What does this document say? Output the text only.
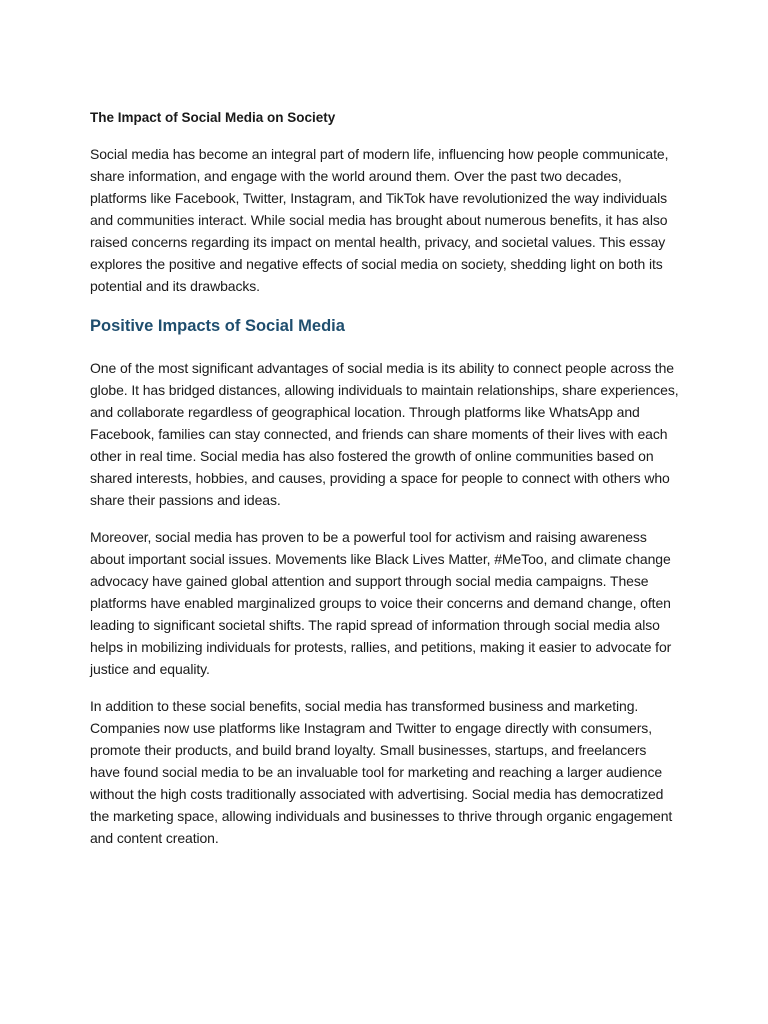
The Impact of Social Media on Society

Social media has become an integral part of modern life, influencing how people communicate, share information, and engage with the world around them. Over the past two decades, platforms like Facebook, Twitter, Instagram, and TikTok have revolutionized the way individuals and communities interact. While social media has brought about numerous benefits, it has also raised concerns regarding its impact on mental health, privacy, and societal values. This essay explores the positive and negative effects of social media on society, shedding light on both its potential and its drawbacks.

Positive Impacts of Social Media

One of the most significant advantages of social media is its ability to connect people across the globe. It has bridged distances, allowing individuals to maintain relationships, share experiences, and collaborate regardless of geographical location. Through platforms like WhatsApp and Facebook, families can stay connected, and friends can share moments of their lives with each other in real time. Social media has also fostered the growth of online communities based on shared interests, hobbies, and causes, providing a space for people to connect with others who share their passions and ideas.

Moreover, social media has proven to be a powerful tool for activism and raising awareness about important social issues. Movements like Black Lives Matter, #MeToo, and climate change advocacy have gained global attention and support through social media campaigns. These platforms have enabled marginalized groups to voice their concerns and demand change, often leading to significant societal shifts. The rapid spread of information through social media also helps in mobilizing individuals for protests, rallies, and petitions, making it easier to advocate for justice and equality.

In addition to these social benefits, social media has transformed business and marketing. Companies now use platforms like Instagram and Twitter to engage directly with consumers, promote their products, and build brand loyalty. Small businesses, startups, and freelancers have found social media to be an invaluable tool for marketing and reaching a larger audience without the high costs traditionally associated with advertising. Social media has democratized the marketing space, allowing individuals and businesses to thrive through organic engagement and content creation.
